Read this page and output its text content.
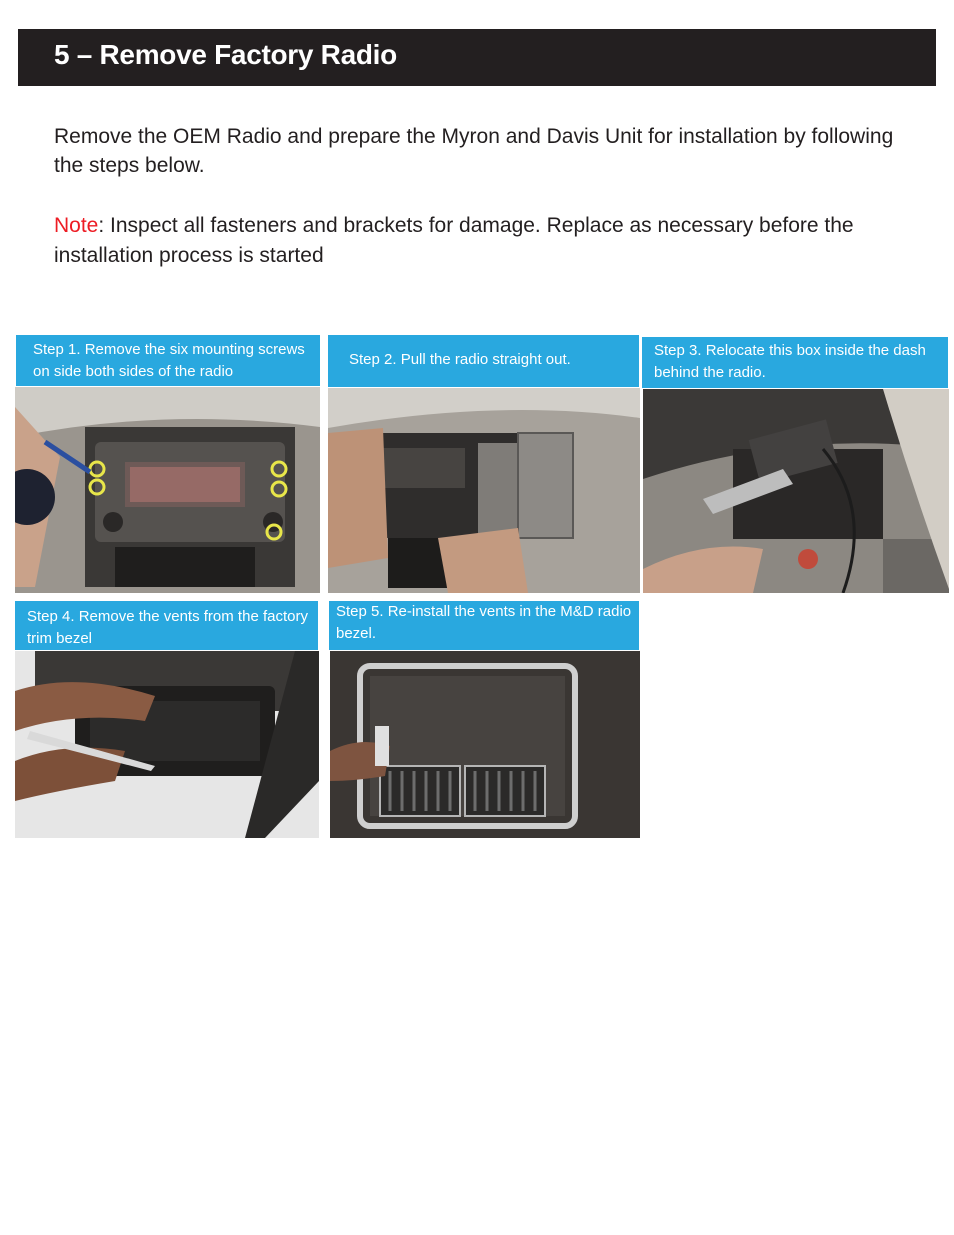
5 – Remove Factory Radio

Remove the OEM Radio and prepare the Myron and Davis Unit for installation by following the steps below.

Note: Inspect all fasteners and brackets for damage. Replace as necessary before the installation process is started

Step 1. Remove the six mounting screws on side both sides of the radio
Step 2. Pull the radio straight out.
Step 3. Relocate this box inside the dash behind the radio.
Step 4. Remove the vents from the factory trim bezel
Step 5. Re-install the vents in the M&D radio bezel.
